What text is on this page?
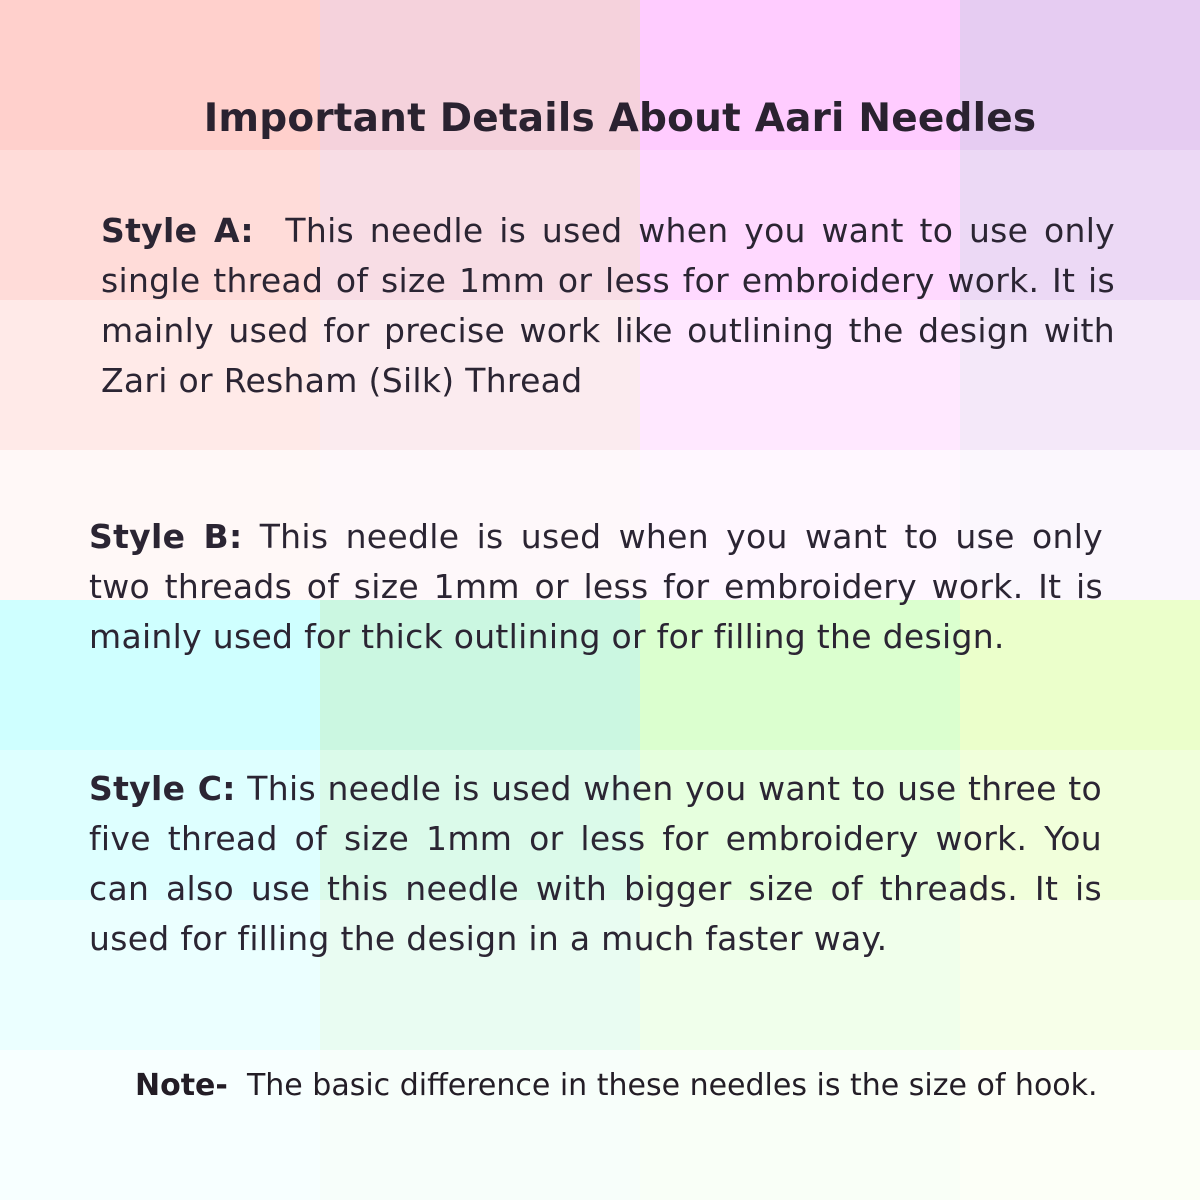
Important Details About Aari Needles

Style A: This needle is used when you want to use only single thread of size 1mm or less for embroidery work. It is mainly used for precise work like outlining the design with Zari or Resham (Silk) Thread

Style B: This needle is used when you want to use only two threads of size 1mm or less for embroidery work. It is mainly used for thick outlining or for filling the design.

Style C: This needle is used when you want to use three to five thread of size 1mm or less for embroidery work. You can also use this needle with bigger size of threads. It is used for filling the design in a much faster way.

Note- The basic difference in these needles is the size of hook.
